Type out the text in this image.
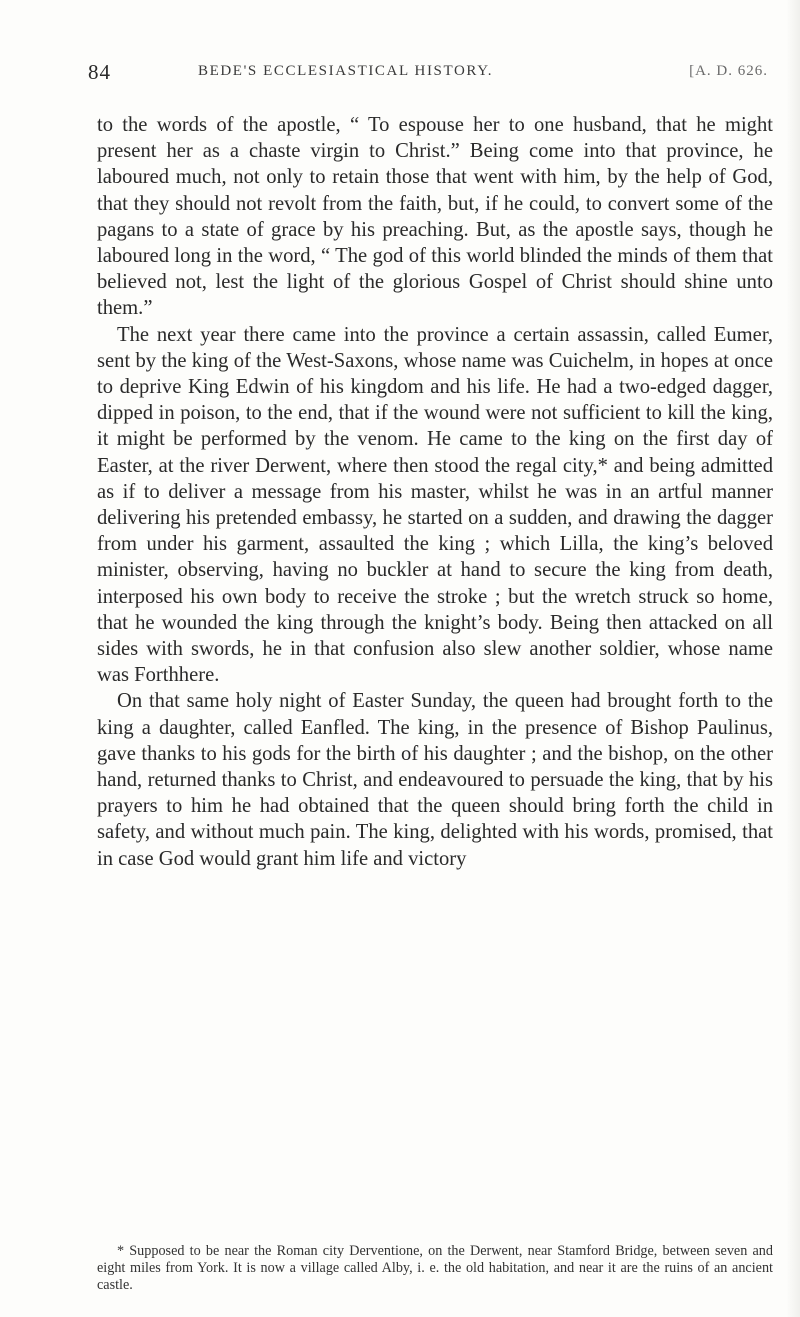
84	BEDE'S ECCLESIASTICAL HISTORY.	[A. D. 626.

to the words of the apostle, “ To espouse her to one husband, that he might present her as a chaste virgin to Christ.” Being come into that province, he laboured much, not only to retain those that went with him, by the help of God, that they should not revolt from the faith, but, if he could, to convert some of the pagans to a state of grace by his preaching. But, as the apostle says, though he laboured long in the word, “ The god of this world blinded the minds of them that believed not, lest the light of the glorious Gospel of Christ should shine unto them.”

The next year there came into the province a certain assassin, called Eumer, sent by the king of the West-Saxons, whose name was Cuichelm, in hopes at once to deprive King Edwin of his kingdom and his life. He had a two-edged dagger, dipped in poison, to the end, that if the wound were not sufficient to kill the king, it might be performed by the venom. He came to the king on the first day of Easter, at the river Derwent, where then stood the regal city,* and being admitted as if to deliver a message from his master, whilst he was in an artful manner delivering his pretended embassy, he started on a sudden, and drawing the dagger from under his garment, assaulted the king ; which Lilla, the king’s beloved minister, observing, having no buckler at hand to secure the king from death, interposed his own body to receive the stroke ; but the wretch struck so home, that he wounded the king through the knight’s body. Being then attacked on all sides with swords, he in that confusion also slew another soldier, whose name was Forthhere.

On that same holy night of Easter Sunday, the queen had brought forth to the king a daughter, called Eanfled. The king, in the presence of Bishop Paulinus, gave thanks to his gods for the birth of his daughter ; and the bishop, on the other hand, returned thanks to Christ, and endeavoured to persuade the king, that by his prayers to him he had obtained that the queen should bring forth the child in safety, and without much pain. The king, delighted with his words, promised, that in case God would grant him life and victory

* Supposed to be near the Roman city Derventione, on the Derwent, near Stamford Bridge, between seven and eight miles from York. It is now a village called Alby, i. e. the old habitation, and near it are the ruins of an ancient castle.
